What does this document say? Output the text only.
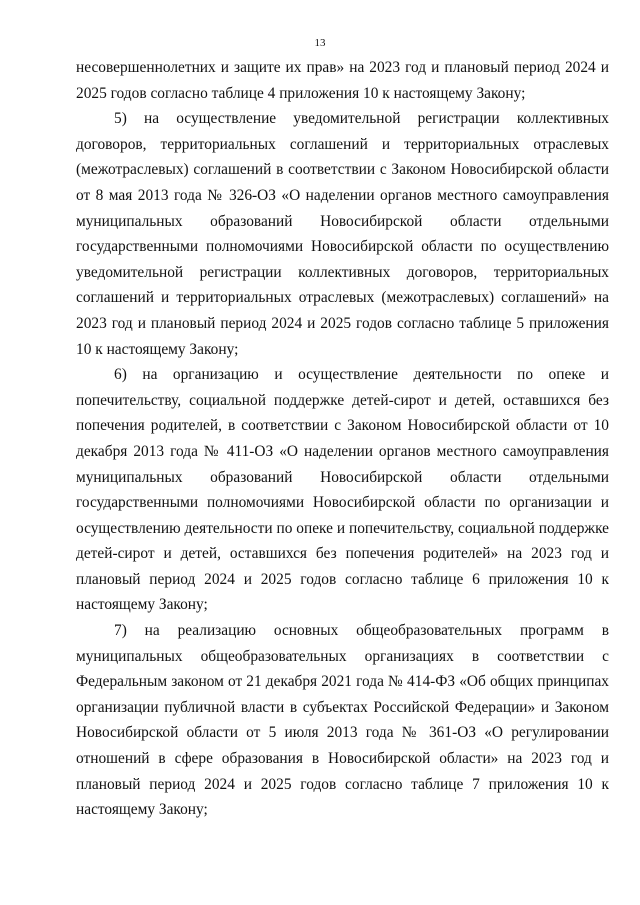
13

несовершеннолетних и защите их прав» на 2023 год и плановый период 2024 и 2025 годов согласно таблице 4 приложения 10 к настоящему Закону;

5) на осуществление уведомительной регистрации коллективных договоров, территориальных соглашений и территориальных отраслевых (межотраслевых) соглашений в соответствии с Законом Новосибирской области от 8 мая 2013 года № 326-ОЗ «О наделении органов местного самоуправления муниципальных образований Новосибирской области отдельными государственными полномочиями Новосибирской области по осуществлению уведомительной регистрации коллективных договоров, территориальных соглашений и территориальных отраслевых (межотраслевых) соглашений» на 2023 год и плановый период 2024 и 2025 годов согласно таблице 5 приложения 10 к настоящему Закону;

6) на организацию и осуществление деятельности по опеке и попечительству, социальной поддержке детей-сирот и детей, оставшихся без попечения родителей, в соответствии с Законом Новосибирской области от 10 декабря 2013 года № 411-ОЗ «О наделении органов местного самоуправления муниципальных образований Новосибирской области отдельными государственными полномочиями Новосибирской области по организации и осуществлению деятельности по опеке и попечительству, социальной поддержке детей-сирот и детей, оставшихся без попечения родителей» на 2023 год и плановый период 2024 и 2025 годов согласно таблице 6 приложения 10 к настоящему Закону;

7) на реализацию основных общеобразовательных программ в муниципальных общеобразовательных организациях в соответствии с Федеральным законом от 21 декабря 2021 года № 414-ФЗ «Об общих принципах организации публичной власти в субъектах Российской Федерации» и Законом Новосибирской области от 5 июля 2013 года № 361-ОЗ «О регулировании отношений в сфере образования в Новосибирской области» на 2023 год и плановый период 2024 и 2025 годов согласно таблице 7 приложения 10 к настоящему Закону;
